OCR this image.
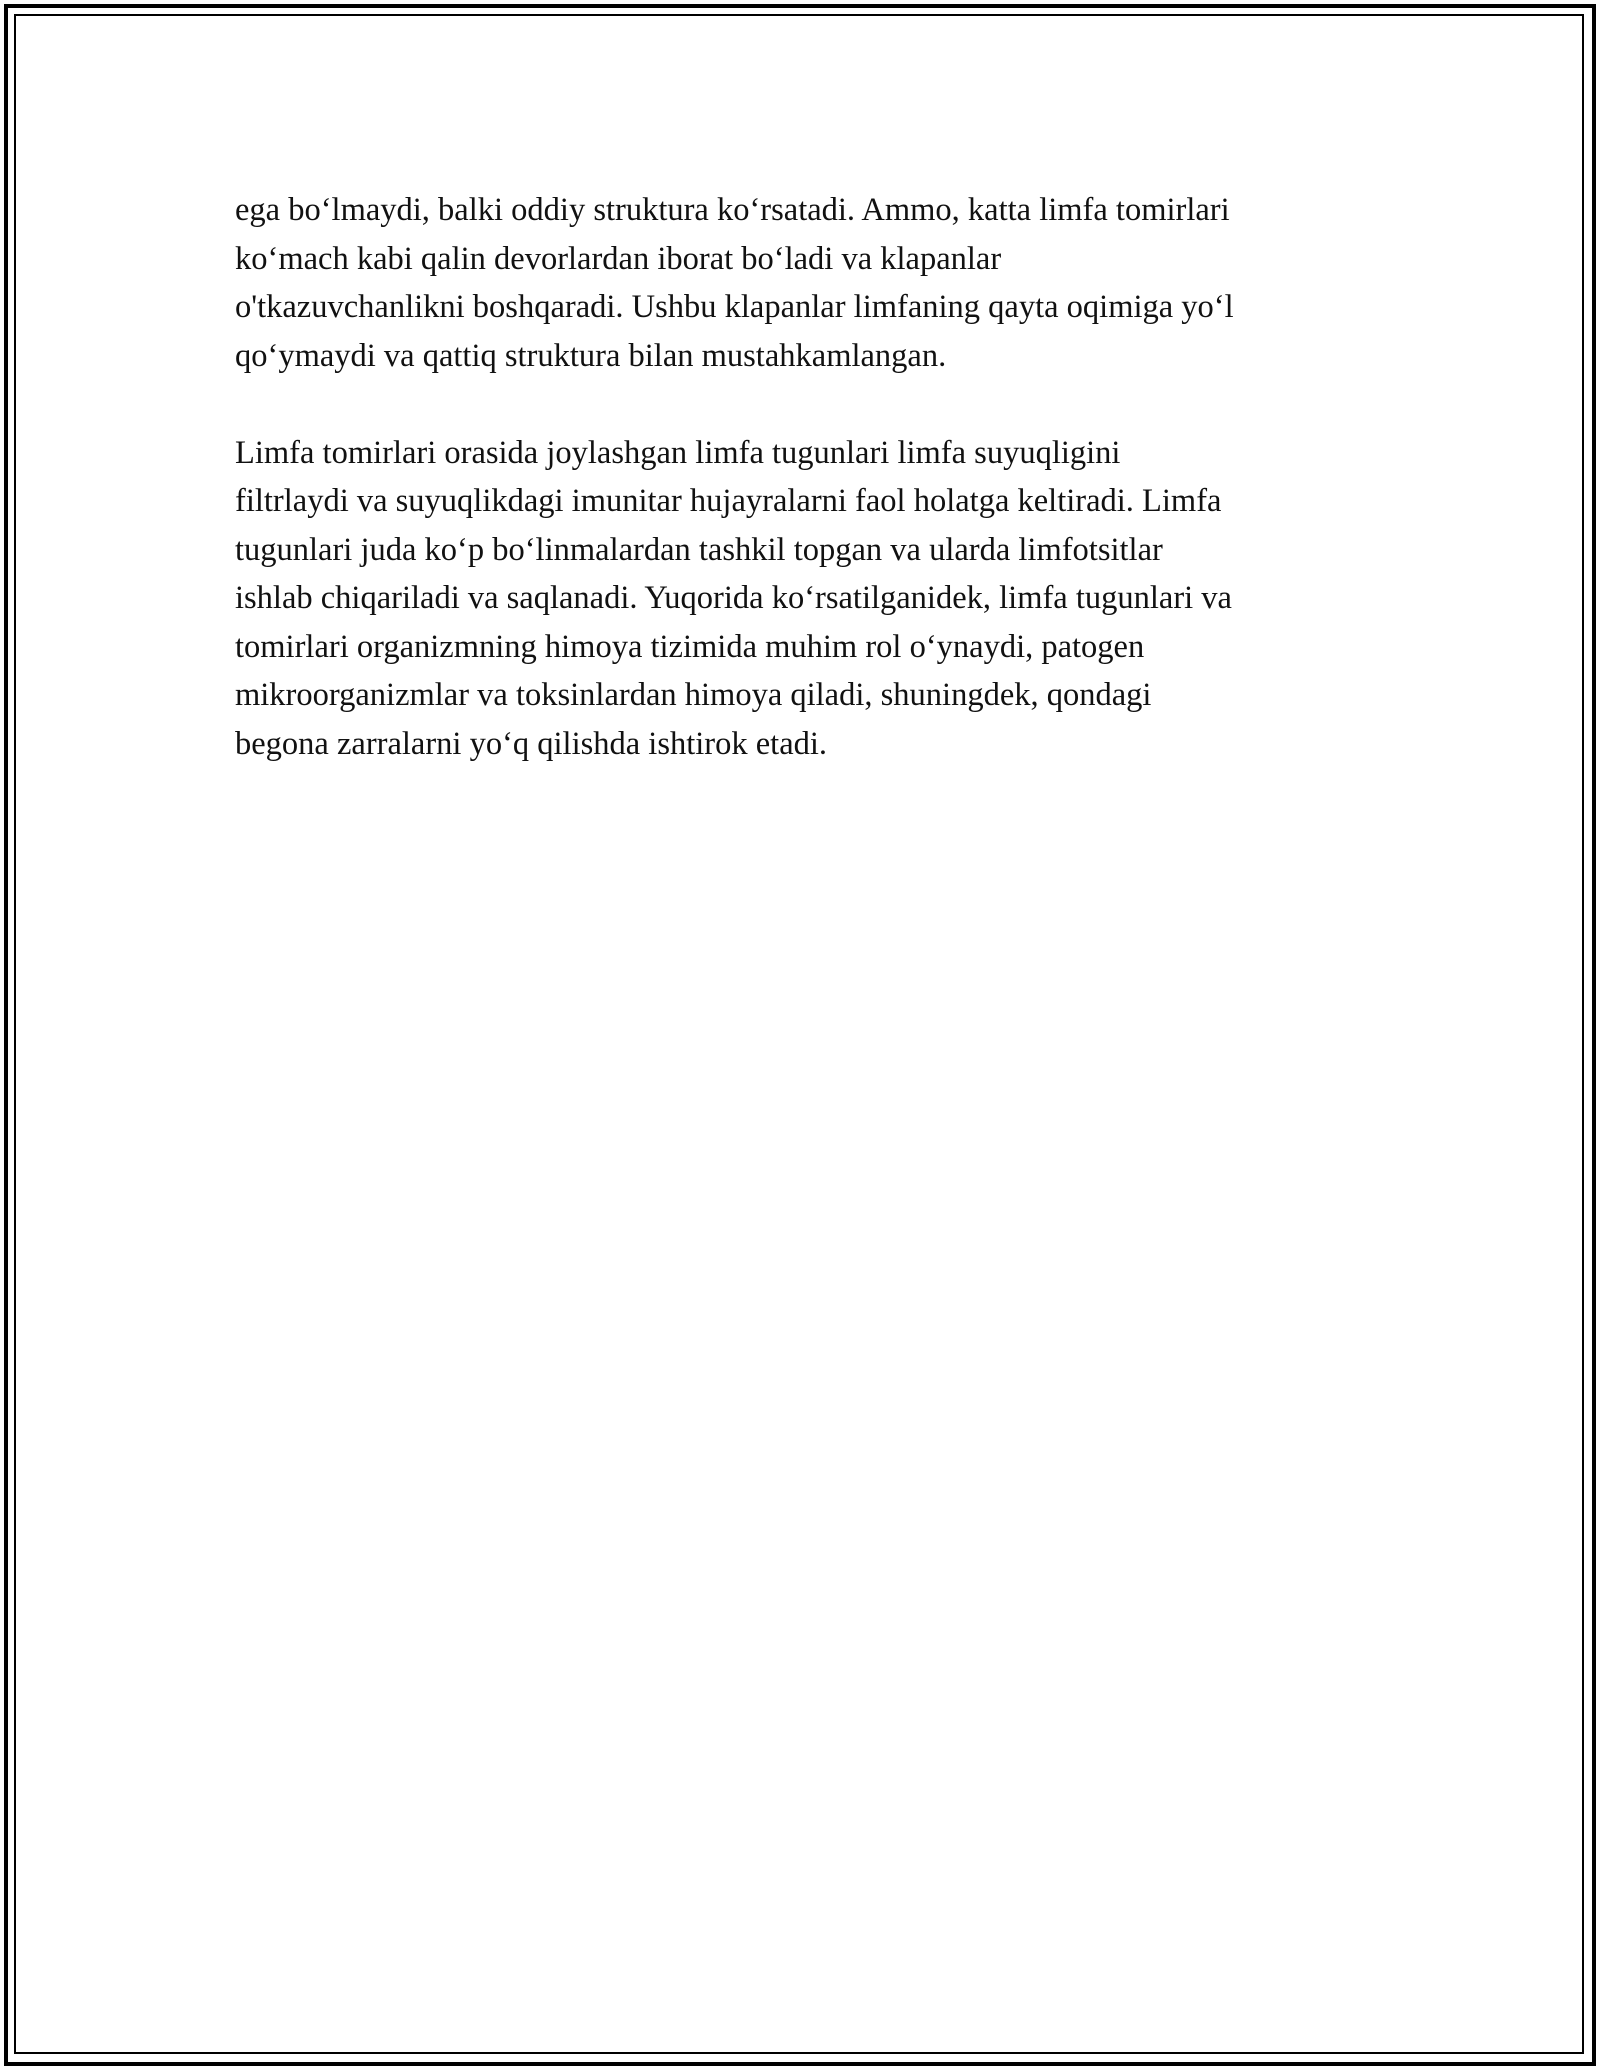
ega bo‘lmaydi, balki oddiy struktura ko‘rsatadi. Ammo, katta limfa tomirlari
ko‘mach kabi qalin devorlardan iborat bo‘ladi va klapanlar
o'tkazuvchanlikni boshqaradi. Ushbu klapanlar limfaning qayta oqimiga yo‘l
qo‘ymaydi va qattiq struktura bilan mustahkamlangan.

Limfa tomirlari orasida joylashgan limfa tugunlari limfa suyuqligini
filtrlaydi va suyuqlikdagi imunitar hujayralarni faol holatga keltiradi. Limfa
tugunlari juda ko‘p bo‘linmalardan tashkil topgan va ularda limfotsitlar
ishlab chiqariladi va saqlanadi. Yuqorida ko‘rsatilganidek, limfa tugunlari va
tomirlari organizmning himoya tizimida muhim rol o‘ynaydi, patogen
mikroorganizmlar va toksinlardan himoya qiladi, shuningdek, qondagi
begona zarralarni yo‘q qilishda ishtirok etadi.
